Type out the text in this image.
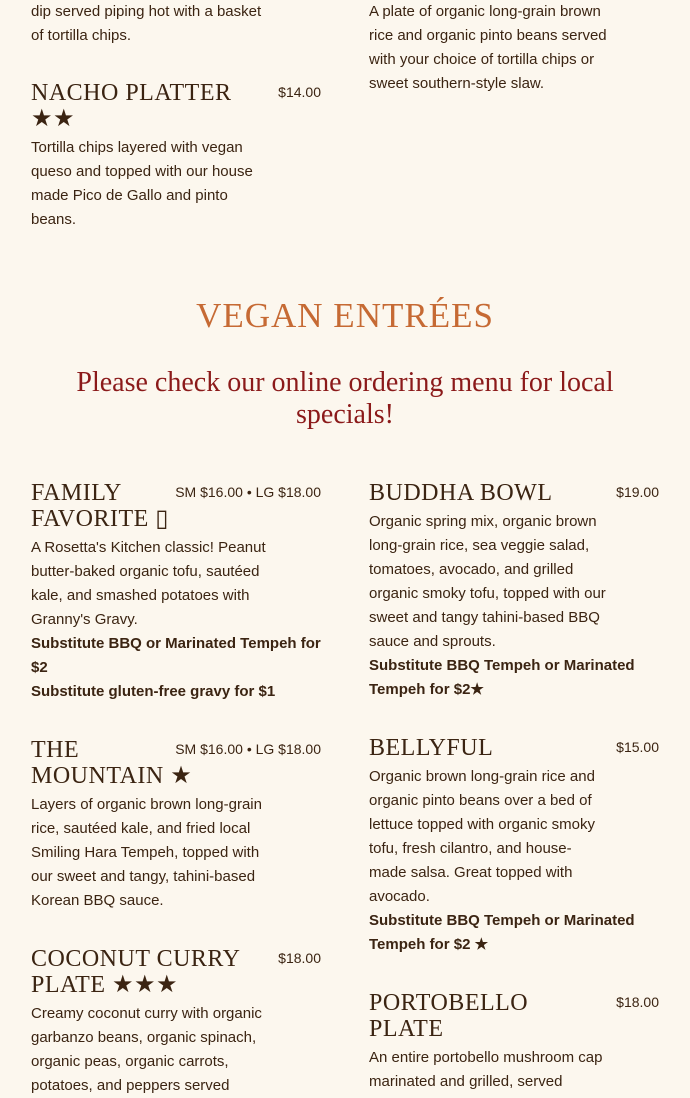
dip served piping hot with a basket of tortilla chips.
A plate of organic long-grain brown rice and organic pinto beans served with your choice of tortilla chips or sweet southern-style slaw.
NACHO PLATTER ★★
$14.00
Tortilla chips layered with vegan queso and topped with our house made Pico de Gallo and pinto beans.
VEGAN ENTRÉES
Please check our online ordering menu for local specials!
FAMILY FAVORITE ▯
SM $16.00 • LG $18.00
A Rosetta's Kitchen classic! Peanut butter-baked organic tofu, sautéed kale, and smashed potatoes with Granny's Gravy.
Substitute BBQ or Marinated Tempeh for $2
Substitute gluten-free gravy for $1
BUDDHA BOWL	$19.00
Organic spring mix, organic brown long-grain rice, sea veggie salad, tomatoes, avocado, and grilled organic smoky tofu, topped with our sweet and tangy tahini-based BBQ sauce and sprouts.
Substitute BBQ Tempeh or Marinated Tempeh for $2★
THE MOUNTAIN ★
SM $16.00 • LG $18.00
Layers of organic brown long-grain rice, sautéed kale, and fried local Smiling Hara Tempeh, topped with our sweet and tangy, tahini-based Korean BBQ sauce.
BELLYFUL	$15.00
Organic brown long-grain rice and organic pinto beans over a bed of lettuce topped with organic smoky tofu, fresh cilantro, and house-made salsa. Great topped with avocado.
Substitute BBQ Tempeh or Marinated Tempeh for $2 ★
COCONUT CURRY PLATE ★★★
$18.00
Creamy coconut curry with organic garbanzo beans, organic spinach, organic peas, organic carrots, potatoes, and peppers served
PORTOBELLO PLATE
$18.00
An entire portobello mushroom cap marinated and grilled, served
